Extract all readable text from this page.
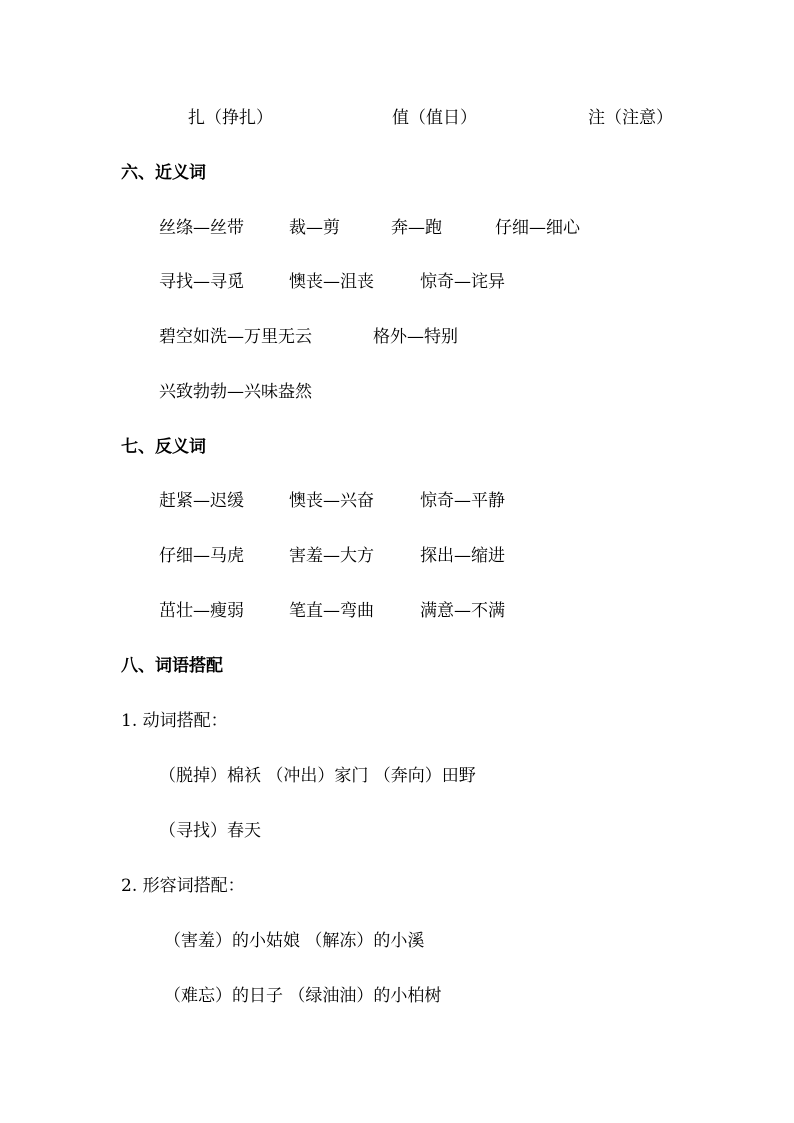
扎（挣扎）	值（值日）	注（注意）
六、近义词
丝绦—丝带	裁—剪	奔—跑	仔细—细心
寻找—寻觅	懊丧—沮丧	惊奇—诧异
碧空如洗—万里无云	格外—特别
兴致勃勃—兴味盎然
七、反义词
赶紧—迟缓	懊丧—兴奋	惊奇—平静
仔细—马虎	害羞—大方	探出—缩进
茁壮—瘦弱	笔直—弯曲	满意—不满
八、词语搭配
1. 动词搭配：
（脱掉）棉袄 （冲出）家门 （奔向）田野
（寻找）春天
2. 形容词搭配：
（害羞）的小姑娘 （解冻）的小溪
（难忘）的日子 （绿油油）的小柏树
